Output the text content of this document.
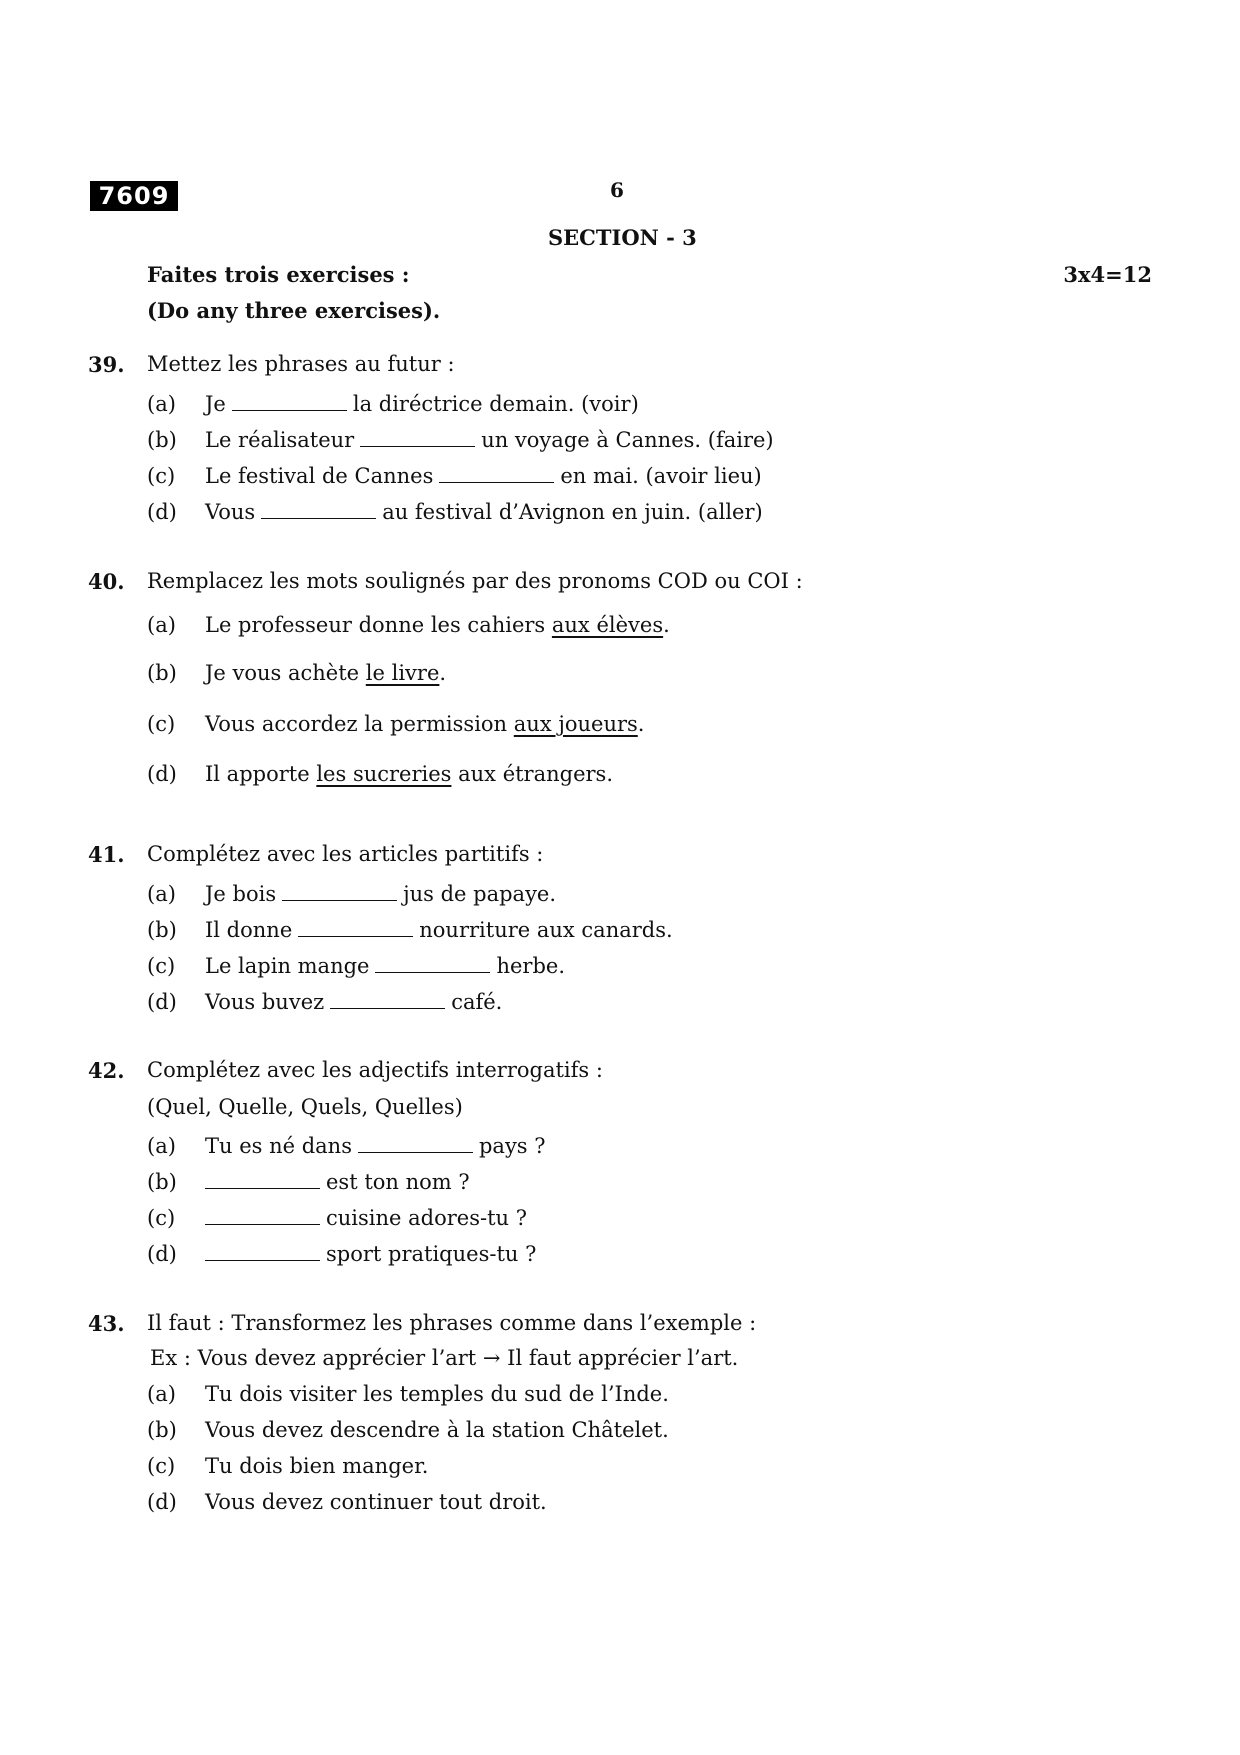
7609	6
SECTION - 3
Faites trois exercises :
(Do any three exercises).
3x4=12
39. Mettez les phrases au futur :
(a) Je	la diréctrice demain. (voir)
(b) Le réalisateur	un voyage à Cannes. (faire)
(c) Le festival de Cannes	en mai. (avoir lieu)
(d) Vous	au festival d’Avignon en juin. (aller)
40. Remplacez les mots soulignés par des pronoms COD ou COI :
(a) Le professeur donne les cahiers aux élèves.
(b) Je vous achète le livre.
(c) Vous accordez la permission aux joueurs.
(d) Il apporte les sucreries aux étrangers.
41. Complétez avec les articles partitifs :
(a) Je bois	jus de papaye.
(b) Il donne	nourriture aux canards.
(c) Le lapin mange	herbe.
(d) Vous buvez	café.
42. Complétez avec les adjectifs interrogatifs :
(Quel, Quelle, Quels, Quelles)
(a) Tu es né dans	pays ?
(b)	est ton nom ?
(c)	cuisine adores-tu ?
(d)	sport pratiques-tu ?
43. Il faut : Transformez les phrases comme dans l’exemple :
Ex : Vous devez apprécier l’art → Il faut apprécier l’art.
(a) Tu dois visiter les temples du sud de l’Inde.
(b) Vous devez descendre à la station Châtelet.
(c) Tu dois bien manger.
(d) Vous devez continuer tout droit.
